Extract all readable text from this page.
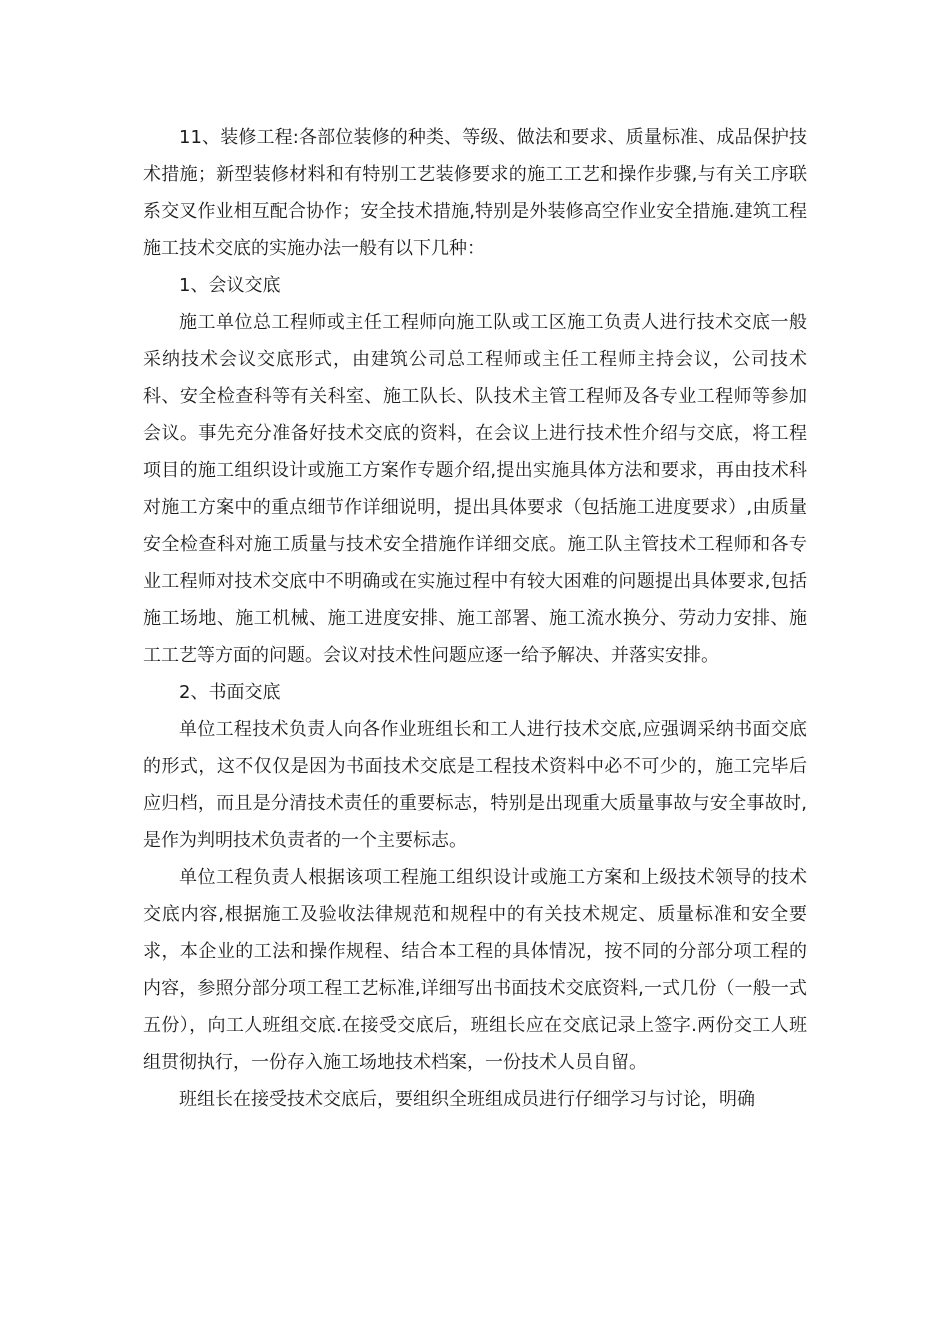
11、装修工程:各部位装修的种类、等级、做法和要求、质量标准、成品保护技术措施；新型装修材料和有特别工艺装修要求的施工工艺和操作步骤,与有关工序联系交叉作业相互配合协作；安全技术措施,特别是外装修高空作业安全措施.建筑工程施工技术交底的实施办法一般有以下几种：

1、会议交底

施工单位总工程师或主任工程师向施工队或工区施工负责人进行技术交底一般采纳技术会议交底形式，由建筑公司总工程师或主任工程师主持会议，公司技术科、安全检查科等有关科室、施工队长、队技术主管工程师及各专业工程师等参加会议。事先充分准备好技术交底的资料，在会议上进行技术性介绍与交底，将工程项目的施工组织设计或施工方案作专题介绍,提出实施具体方法和要求，再由技术科对施工方案中的重点细节作详细说明，提出具体要求（包括施工进度要求）,由质量安全检查科对施工质量与技术安全措施作详细交底。施工队主管技术工程师和各专业工程师对技术交底中不明确或在实施过程中有较大困难的问题提出具体要求,包括施工场地、施工机械、施工进度安排、施工部署、施工流水换分、劳动力安排、施工工艺等方面的问题。会议对技术性问题应逐一给予解决、并落实安排。

2、书面交底

单位工程技术负责人向各作业班组长和工人进行技术交底,应强调采纳书面交底的形式，这不仅仅是因为书面技术交底是工程技术资料中必不可少的，施工完毕后应归档，而且是分清技术责任的重要标志，特别是出现重大质量事故与安全事故时,是作为判明技术负责者的一个主要标志。

单位工程负责人根据该项工程施工组织设计或施工方案和上级技术领导的技术交底内容,根据施工及验收法律规范和规程中的有关技术规定、质量标准和安全要求，本企业的工法和操作规程、结合本工程的具体情况，按不同的分部分项工程的内容，参照分部分项工程工艺标准,详细写出书面技术交底资料,一式几份（一般一式五份），向工人班组交底.在接受交底后，班组长应在交底记录上签字.两份交工人班组贯彻执行，一份存入施工场地技术档案，一份技术人员自留。

班组长在接受技术交底后，要组织全班组成员进行仔细学习与讨论，明确
